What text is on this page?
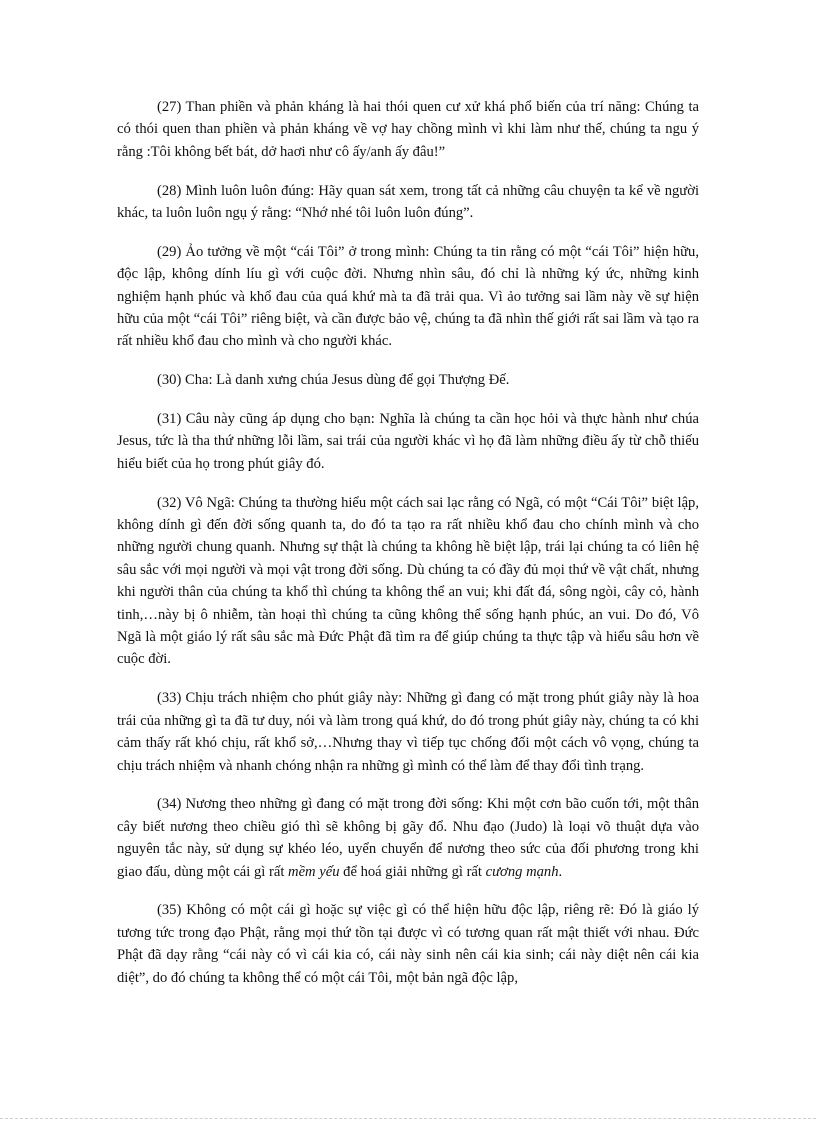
(27) Than phiền và phản kháng là hai thói quen cư xử khá phổ biến của trí năng: Chúng ta có thói quen than phiền và phản kháng về vợ hay chồng mình vì khi làm như thế, chúng ta ngu ý rằng :Tôi không bết bát, dở haơi như cô ấy/anh ấy đâu!”

(28) Mình luôn luôn đúng: Hãy quan sát xem, trong tất cả những câu chuyện ta kể về người khác, ta luôn luôn ngụ ý rằng: “Nhớ nhé tôi luôn luôn đúng”.

(29) Ảo tưởng về một “cái Tôi” ở trong mình: Chúng ta tin rằng có một “cái Tôi” hiện hữu, độc lập, không dính líu gì với cuộc đời. Nhưng nhìn sâu, đó chỉ là những ký ức, những kinh nghiệm hạnh phúc và khổ đau của quá khứ mà ta đã trải qua. Vì ảo tưởng sai lầm này về sự hiện hữu của một “cái Tôi” riêng biệt, và cần được bảo vệ, chúng ta đã nhìn thế giới rất sai lầm và tạo ra rất nhiều khổ đau cho mình và cho người khác.

(30) Cha: Là danh xưng chúa Jesus dùng để gọi Thượng Đế.

(31) Câu này cũng áp dụng cho bạn: Nghĩa là chúng ta cần học hỏi và thực hành như chúa Jesus, tức là tha thứ những lỗi lầm, sai trái của người khác vì họ đã làm những điều ấy từ chỗ thiếu hiểu biết của họ trong phút giây đó.

(32) Vô Ngã: Chúng ta thường hiểu một cách sai lạc rằng có Ngã, có một “Cái Tôi” biệt lập, không dính gì đến đời sống quanh ta, do đó ta tạo ra rất nhiều khổ đau cho chính mình và cho những người chung quanh. Nhưng sự thật là chúng ta không hề biệt lập, trái lại chúng ta có liên hệ sâu sắc với mọi người và mọi vật trong đời sống. Dù chúng ta có đầy đủ mọi thứ về vật chất, nhưng khi người thân của chúng ta khổ thì chúng ta không thể an vui; khi đất đá, sông ngòi, cây cỏ, hành tinh,…này bị ô nhiễm, tàn hoại thì chúng ta cũng không thể sống hạnh phúc, an vui. Do đó, Vô Ngã là một giáo lý rất sâu sắc mà Đức Phật đã tìm ra để giúp chúng ta thực tập và hiểu sâu hơn về cuộc đời.

(33) Chịu trách nhiệm cho phút giây này: Những gì đang có mặt trong phút giây này là hoa trái của những gì ta đã tư duy, nói và làm trong quá khứ, do đó trong phút giây này, chúng ta có khi cảm thấy rất khó chịu, rất khổ sở,…Nhưng thay vì tiếp tục chống đối một cách vô vọng, chúng ta chịu trách nhiệm và nhanh chóng nhận ra những gì mình có thể làm để thay đổi tình trạng.

(34) Nương theo những gì đang có mặt trong đời sống: Khi một cơn bão cuốn tới, một thân cây biết nương theo chiều gió thì sẽ không bị gãy đổ. Nhu đạo (Judo) là loại võ thuật dựa vào nguyên tắc này, sử dụng sự khéo léo, uyển chuyển để nương theo sức của đối phương trong khi giao đấu, dùng một cái gì rất mềm yếu để hoá giải những gì rất cương mạnh.

(35) Không có một cái gì hoặc sự việc gì có thể hiện hữu độc lập, riêng rẽ: Đó là giáo lý tương tức trong đạo Phật, rằng mọi thứ tồn tại được vì có tương quan rất mật thiết với nhau. Đức Phật đã dạy rằng “cái này có vì cái kia có, cái này sinh nên cái kia sinh; cái này diệt nên cái kia diệt”, do đó chúng ta không thể có một cái Tôi, một bản ngã độc lập,
